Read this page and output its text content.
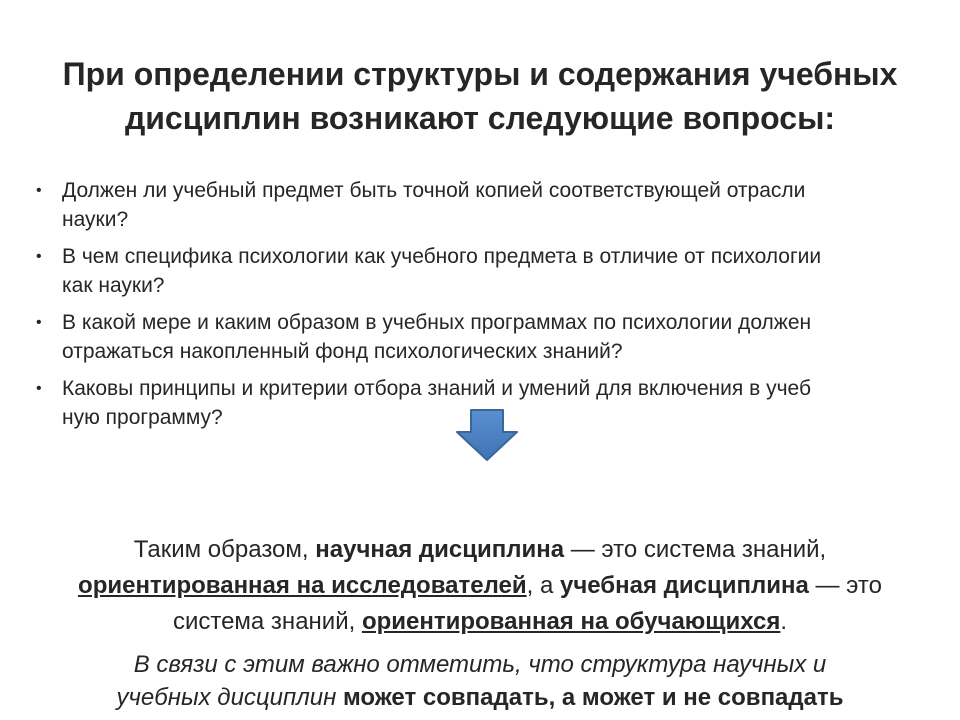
При определении структуры и содержания учебных
дисциплин возникают следующие вопросы:
• Должен ли учебный предмет быть точной копией соответствующей отрасли
науки?
• В чем специфика психологии как учебного предмета в отличие от психологии
как науки?
• В какой мере и каким образом в учебных программах по психологии должен
отражаться накопленный фонд психологических знаний?
• Каковы принципы и критерии отбора знаний и умений для включения в учеб
ную программу?
Таким образом, научная дисциплина — это система знаний,
ориентированная на исследователей, а учебная дисциплина — это
система знаний, ориентированная на обучающихся.
В связи с этим важно отметить, что структура научных и
учебных дисциплин может совпадать, а может и не совпадать
